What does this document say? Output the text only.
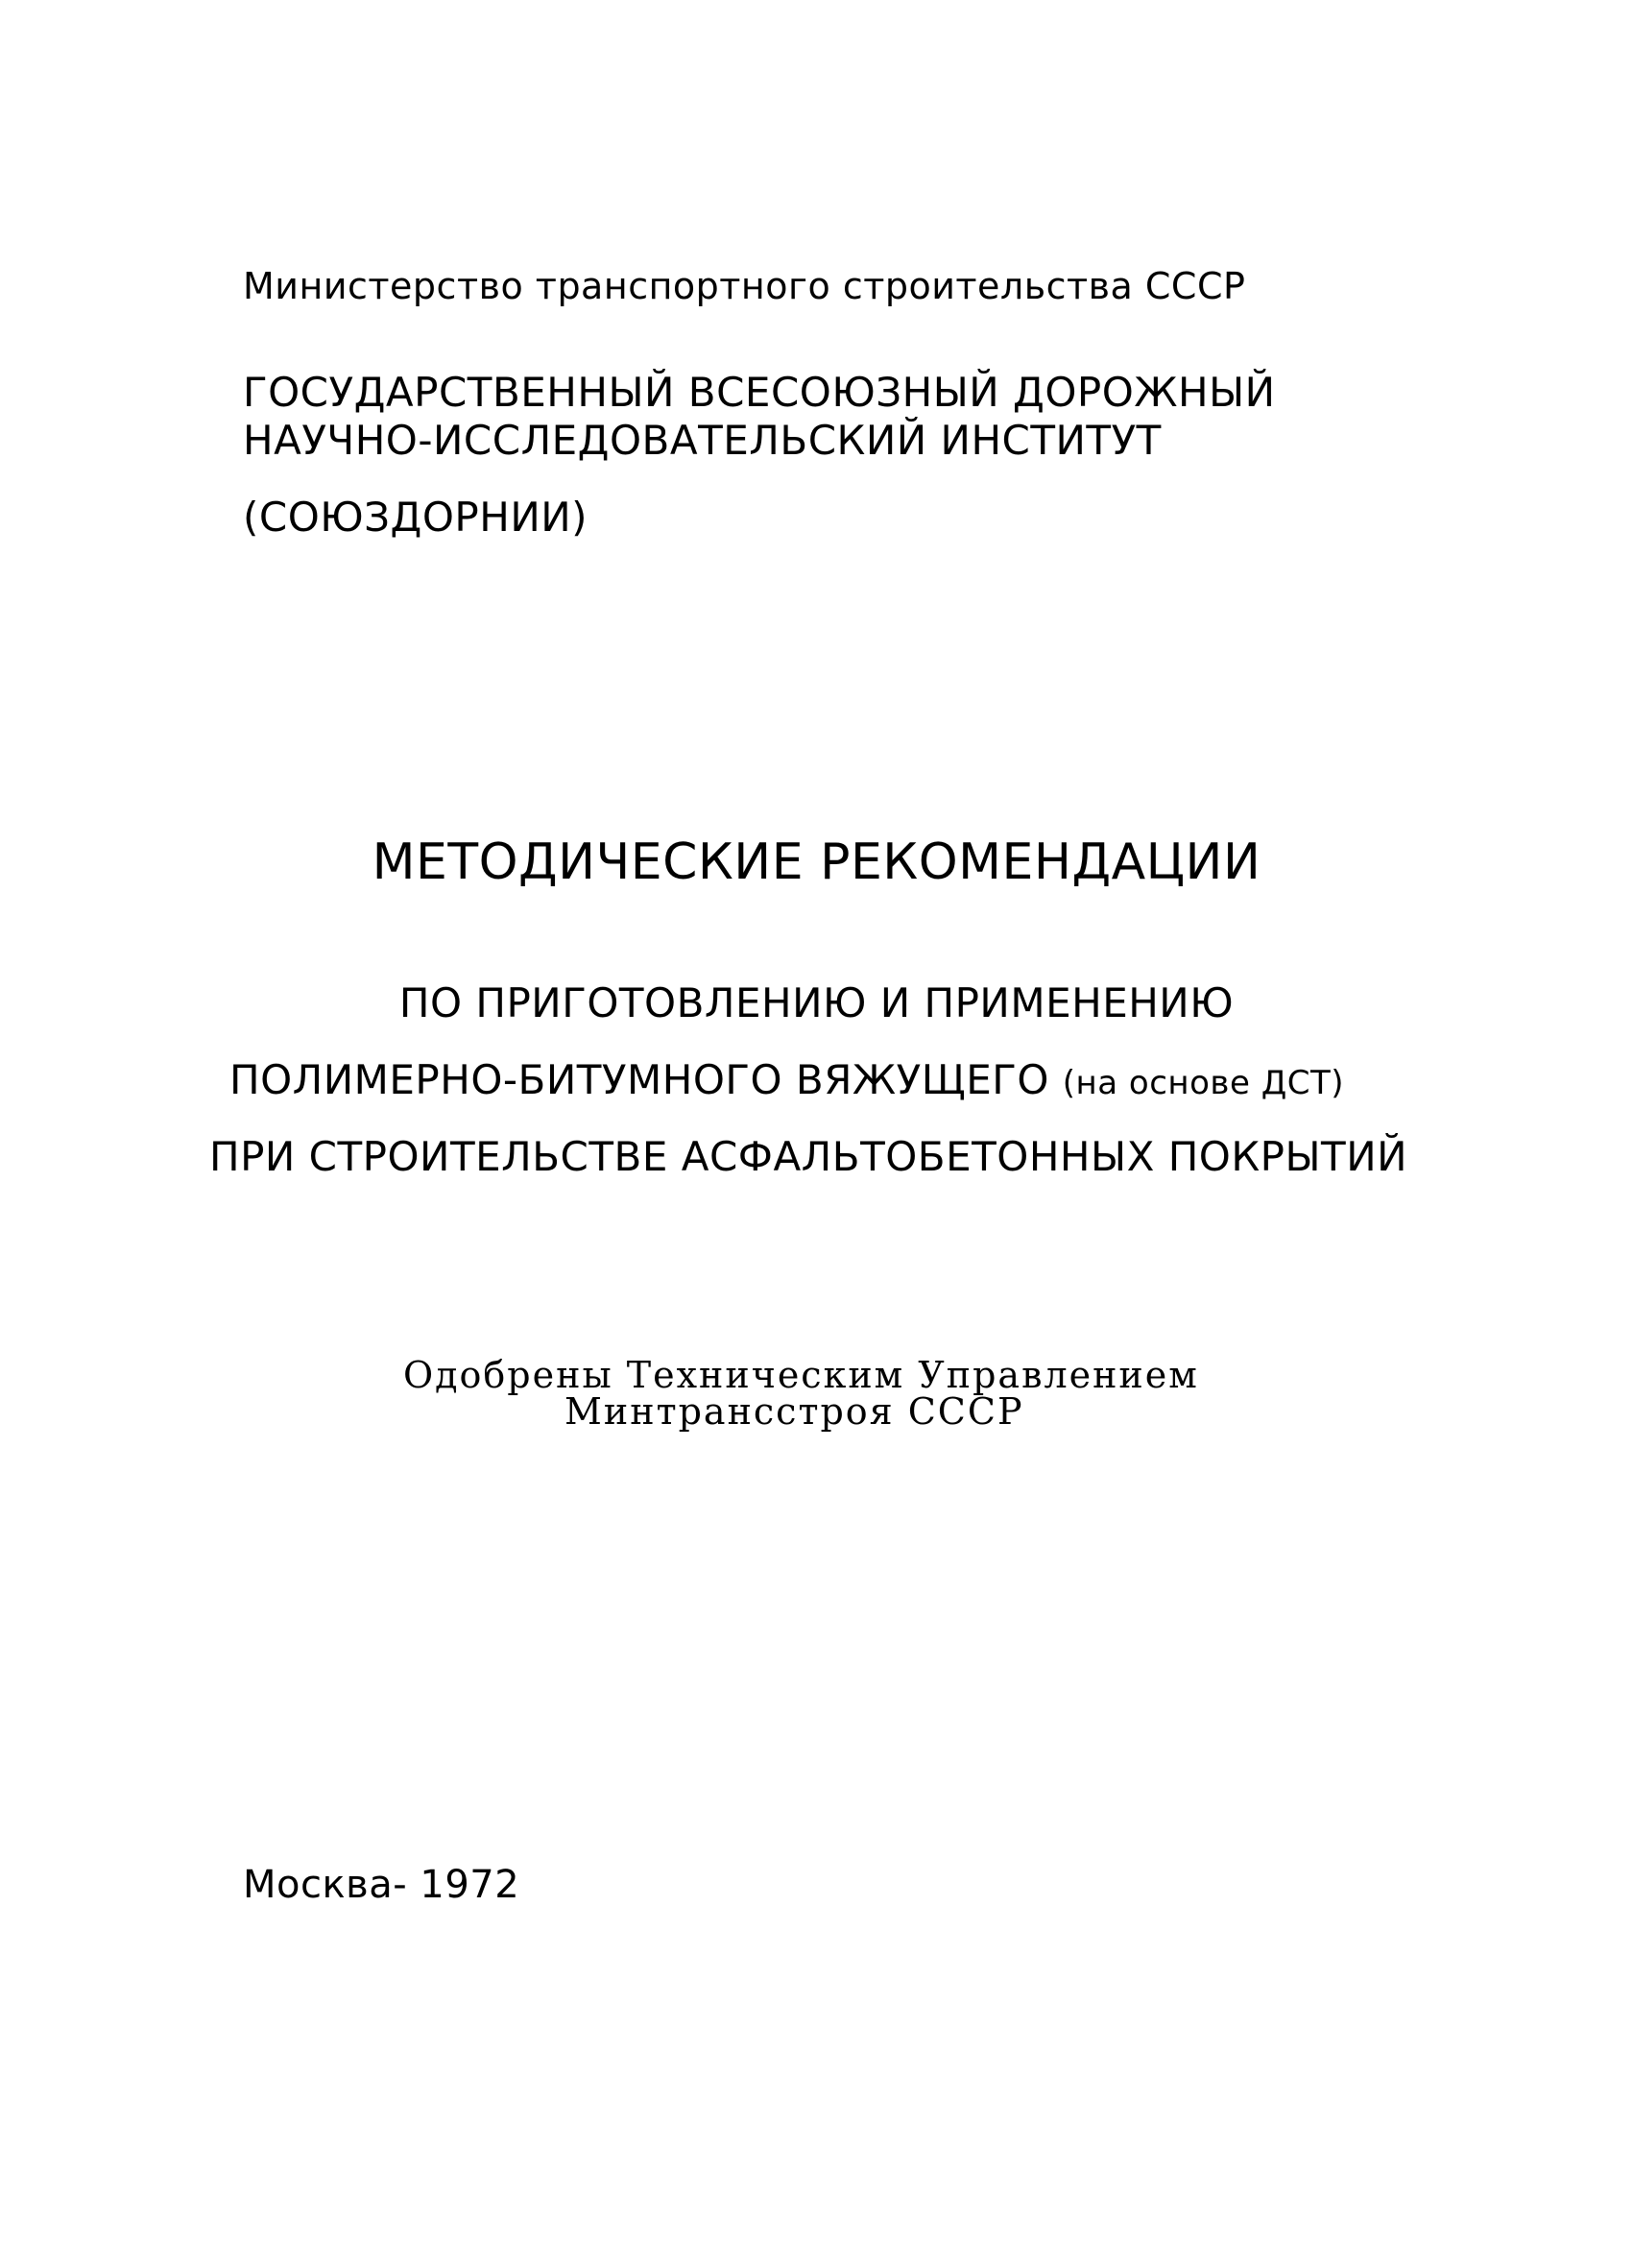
Министерство транспортного строительства СССР
ГОСУДАРСТВЕННЫЙ ВСЕСОЮЗНЫЙ ДОРОЖНЫЙ
НАУЧНО-ИССЛЕДОВАТЕЛЬСКИЙ ИНСТИТУТ
(СОЮЗДОРНИИ)
МЕТОДИЧЕСКИЕ РЕКОМЕНДАЦИИ
ПО ПРИГОТОВЛЕНИЮ И ПРИМЕНЕНИЮ
ПОЛИМЕРНО-БИТУМНОГО ВЯЖУЩЕГО (на основе ДСТ)
ПРИ СТРОИТЕЛЬСТВЕ АСФАЛЬТОБЕТОННЫХ ПОКРЫТИЙ
Одобрены Техническим Управлением
Минтрансстроя СССР
Москва- 1972
